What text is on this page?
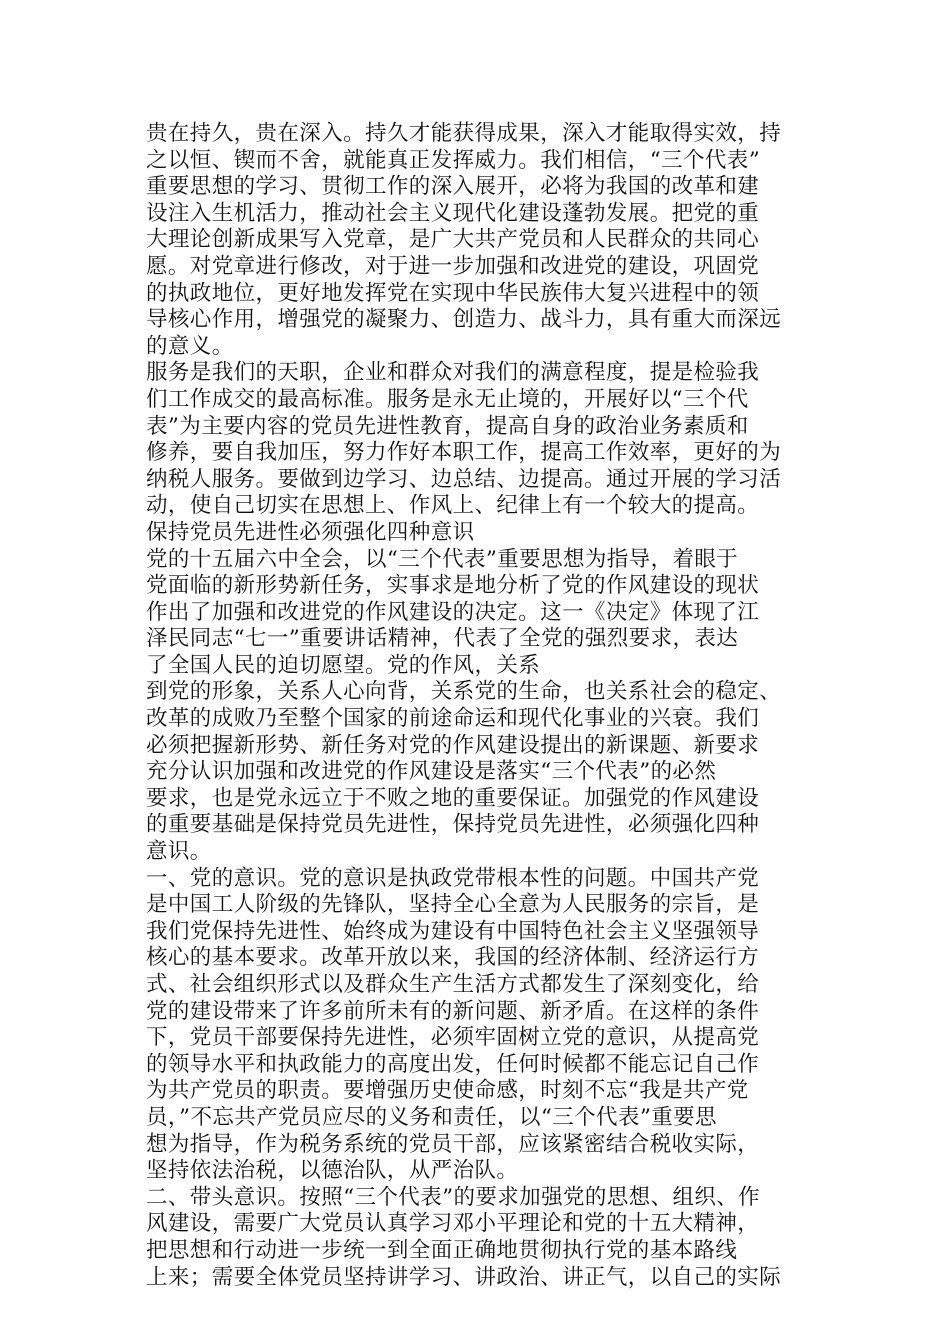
贵在持久，贵在深入。持久才能获得成果，深入才能取得实效，持
之以恒、锲而不舍，就能真正发挥威力。我们相信，“三个代表”
重要思想的学习、贯彻工作的深入展开，必将为我国的改革和建
设注入生机活力，推动社会主义现代化建设蓬勃发展。把党的重
大理论创新成果写入党章，是广大共产党员和人民群众的共同心
愿。对党章进行修改，对于进一步加强和改进党的建设，巩固党
的执政地位，更好地发挥党在实现中华民族伟大复兴进程中的领
导核心作用，增强党的凝聚力、创造力、战斗力，具有重大而深远
的意义。
服务是我们的天职，企业和群众对我们的满意程度，提是检验我
们工作成交的最高标准。服务是永无止境的，开展好以“三个代
表”为主要内容的党员先进性教育，提高自身的政治业务素质和
修养，要自我加压，努力作好本职工作，提高工作效率，更好的为
纳税人服务。要做到边学习、边总结、边提高。通过开展的学习活
动，使自己切实在思想上、作风上、纪律上有一个较大的提高。
保持党员先进性必须强化四种意识
党的十五届六中全会，以“三个代表”重要思想为指导，着眼于
党面临的新形势新任务，实事求是地分析了党的作风建设的现状
作出了加强和改进党的作风建设的决定。这一《决定》体现了江
泽民同志“七一”重要讲话精神，代表了全党的强烈要求，表达
了全国人民的迫切愿望。党的作风，关系
到党的形象，关系人心向背，关系党的生命，也关系社会的稳定、
改革的成败乃至整个国家的前途命运和现代化事业的兴衰。我们
必须把握新形势、新任务对党的作风建设提出的新课题、新要求
充分认识加强和改进党的作风建设是落实“三个代表”的必然
要求，也是党永远立于不败之地的重要保证。加强党的作风建设
的重要基础是保持党员先进性，保持党员先进性，必须强化四种
意识。
一、党的意识。党的意识是执政党带根本性的问题。中国共产党
是中国工人阶级的先锋队，坚持全心全意为人民服务的宗旨，是
我们党保持先进性、始终成为建设有中国特色社会主义坚强领导
核心的基本要求。改革开放以来，我国的经济体制、经济运行方
式、社会组织形式以及群众生产生活方式都发生了深刻变化，给
党的建设带来了许多前所未有的新问题、新矛盾。在这样的条件
下，党员干部要保持先进性，必须牢固树立党的意识，从提高党
的领导水平和执政能力的高度出发，任何时候都不能忘记自己作
为共产党员的职责。要增强历史使命感，时刻不忘“我是共产党
员，”不忘共产党员应尽的义务和责任，以“三个代表”重要思
想为指导，作为税务系统的党员干部，应该紧密结合税收实际，
坚持依法治税，以德治队，从严治队。
二、带头意识。按照“三个代表”的要求加强党的思想、组织、作
风建设，需要广大党员认真学习邓小平理论和党的十五大精神，
把思想和行动进一步统一到全面正确地贯彻执行党的基本路线
上来；需要全体党员坚持讲学习、讲政治、讲正气，以自己的实际
